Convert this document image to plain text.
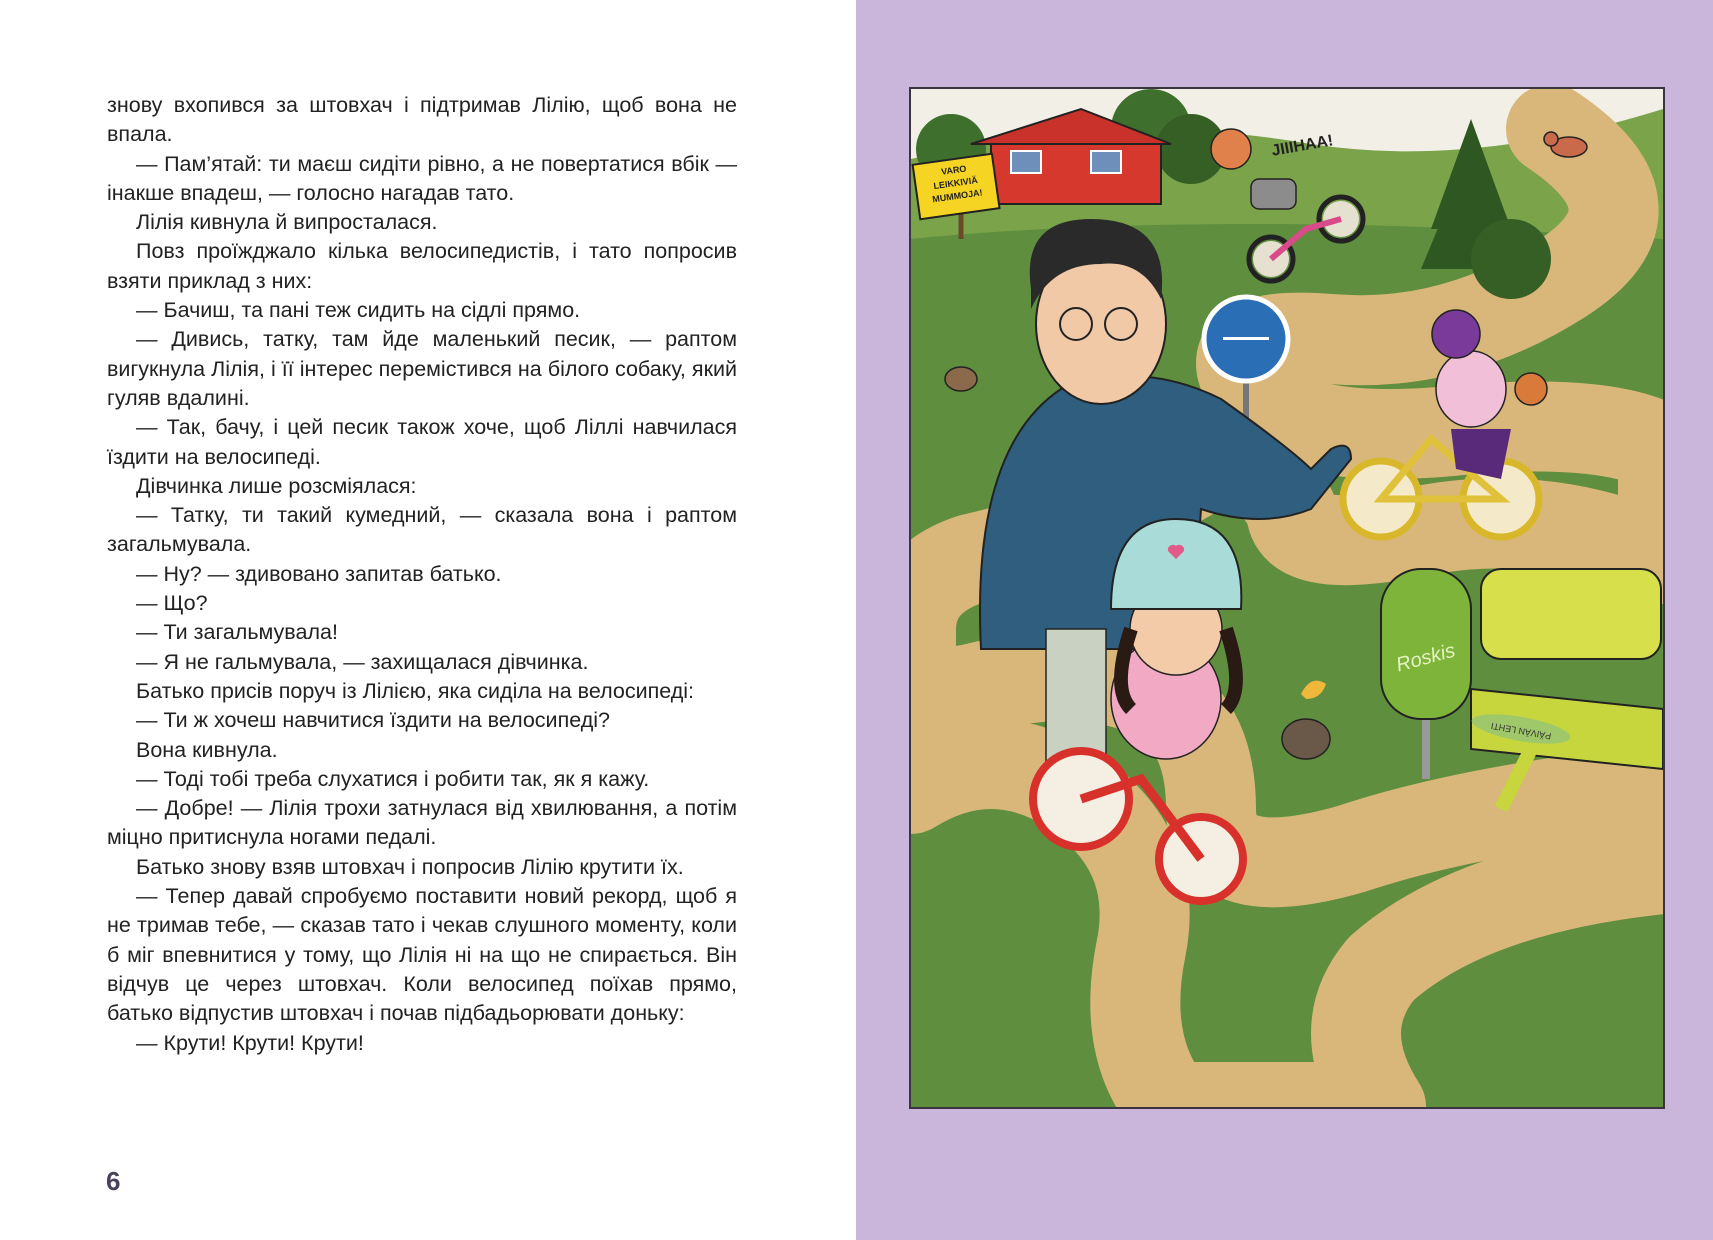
знову вхопився за штовхач і підтримав Лілію, щоб вона не впала.

— Пам’ятай: ти маєш сидіти рівно, а не повертатися вбік — інакше впадеш, — голосно нагадав тато.

Лілія кивнула й випросталася.

Повз проїжджало кілька велосипедистів, і тато попросив взяти приклад з них:

— Бачиш, та пані теж сидить на сідлі прямо.

— Дивись, татку, там йде маленький песик, — раптом вигукнула Лілія, і її інтерес перемістився на білого собаку, який гуляв вдалині.

— Так, бачу, і цей песик також хоче, щоб Ліллі навчилася їздити на велосипеді.

Дівчинка лише розсміялася:

— Татку, ти такий кумедний, — сказала вона і раптом загальмувала.

— Ну? — здивовано запитав батько.

— Що?

— Ти загальмувала!

— Я не гальмувала, — захищалася дівчинка.

Батько присів поруч із Лілією, яка сиділа на велосипеді:

— Ти ж хочеш навчитися їздити на велосипеді?

Вона кивнула.

— Тоді тобі треба слухатися і робити так, як я кажу.

— Добре! — Лілія трохи затнулася від хвилювання, а потім міцно притиснула ногами педалі.

Батько знову взяв штовхач і попросив Лілію крутити їх.

— Тепер давай спробуємо поставити новий рекорд, щоб я не тримав тебе, — сказав тато і чекав слушного моменту, коли б міг впевнитися у тому, що Лілія ні на що не спирається. Він відчув це через штовхач. Коли велосипед поїхав прямо, батько відпустив штовхач і почав підбадьорювати доньку:

— Крути! Крути! Крути!

6
VARO
LEIKKIVIÄ
MUMMOJA!
JIIIHAA!
Roskis
PÄIVÄN LEHTI
